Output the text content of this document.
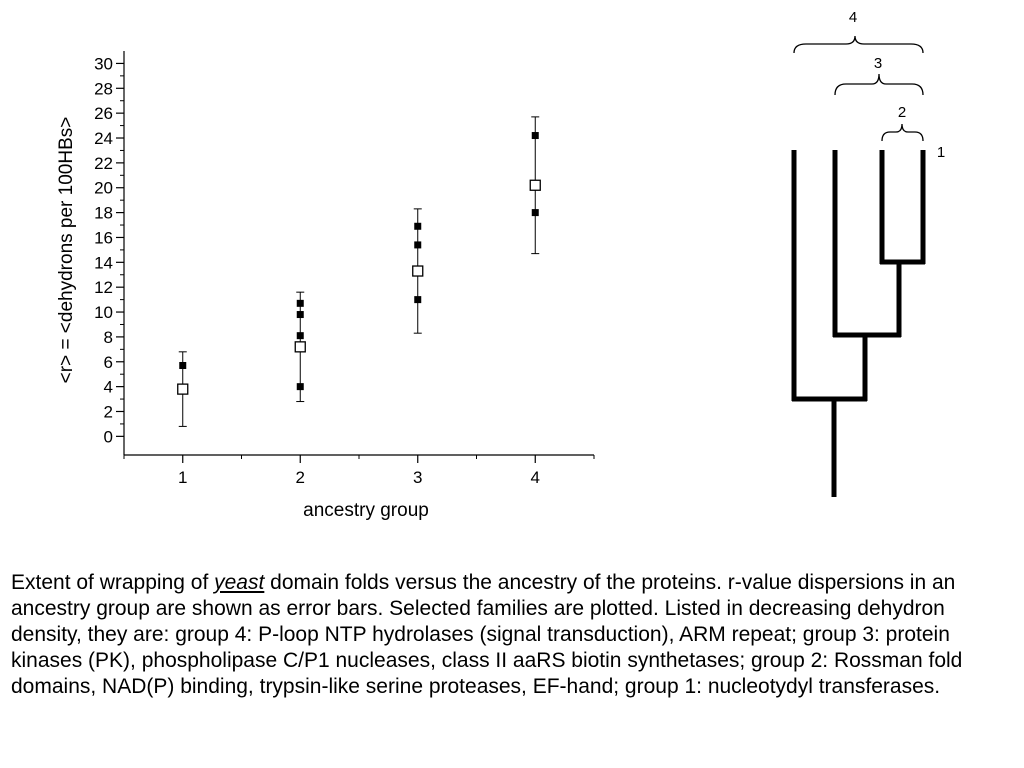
0
2
4
6
8
10
12
14
16
18
20
22
24
26
28
30
1	2	3	4
ancestry group
<r> = <dehydrons per 100HBs>	1
2
3
4

Extent of wrapping of yeast domain folds versus the ancestry of the proteins. r-value dispersions in an ancestry group are shown as error bars. Selected families are plotted. Listed in decreasing dehydron density, they are: group 4: P-loop NTP hydrolases (signal transduction), ARM repeat; group 3: protein kinases (PK), phospholipase C/P1 nucleases, class II aaRS biotin synthetases; group 2: Rossman fold domains, NAD(P) binding, trypsin-like serine proteases, EF-hand; group 1: nucleotydyl transferases.
